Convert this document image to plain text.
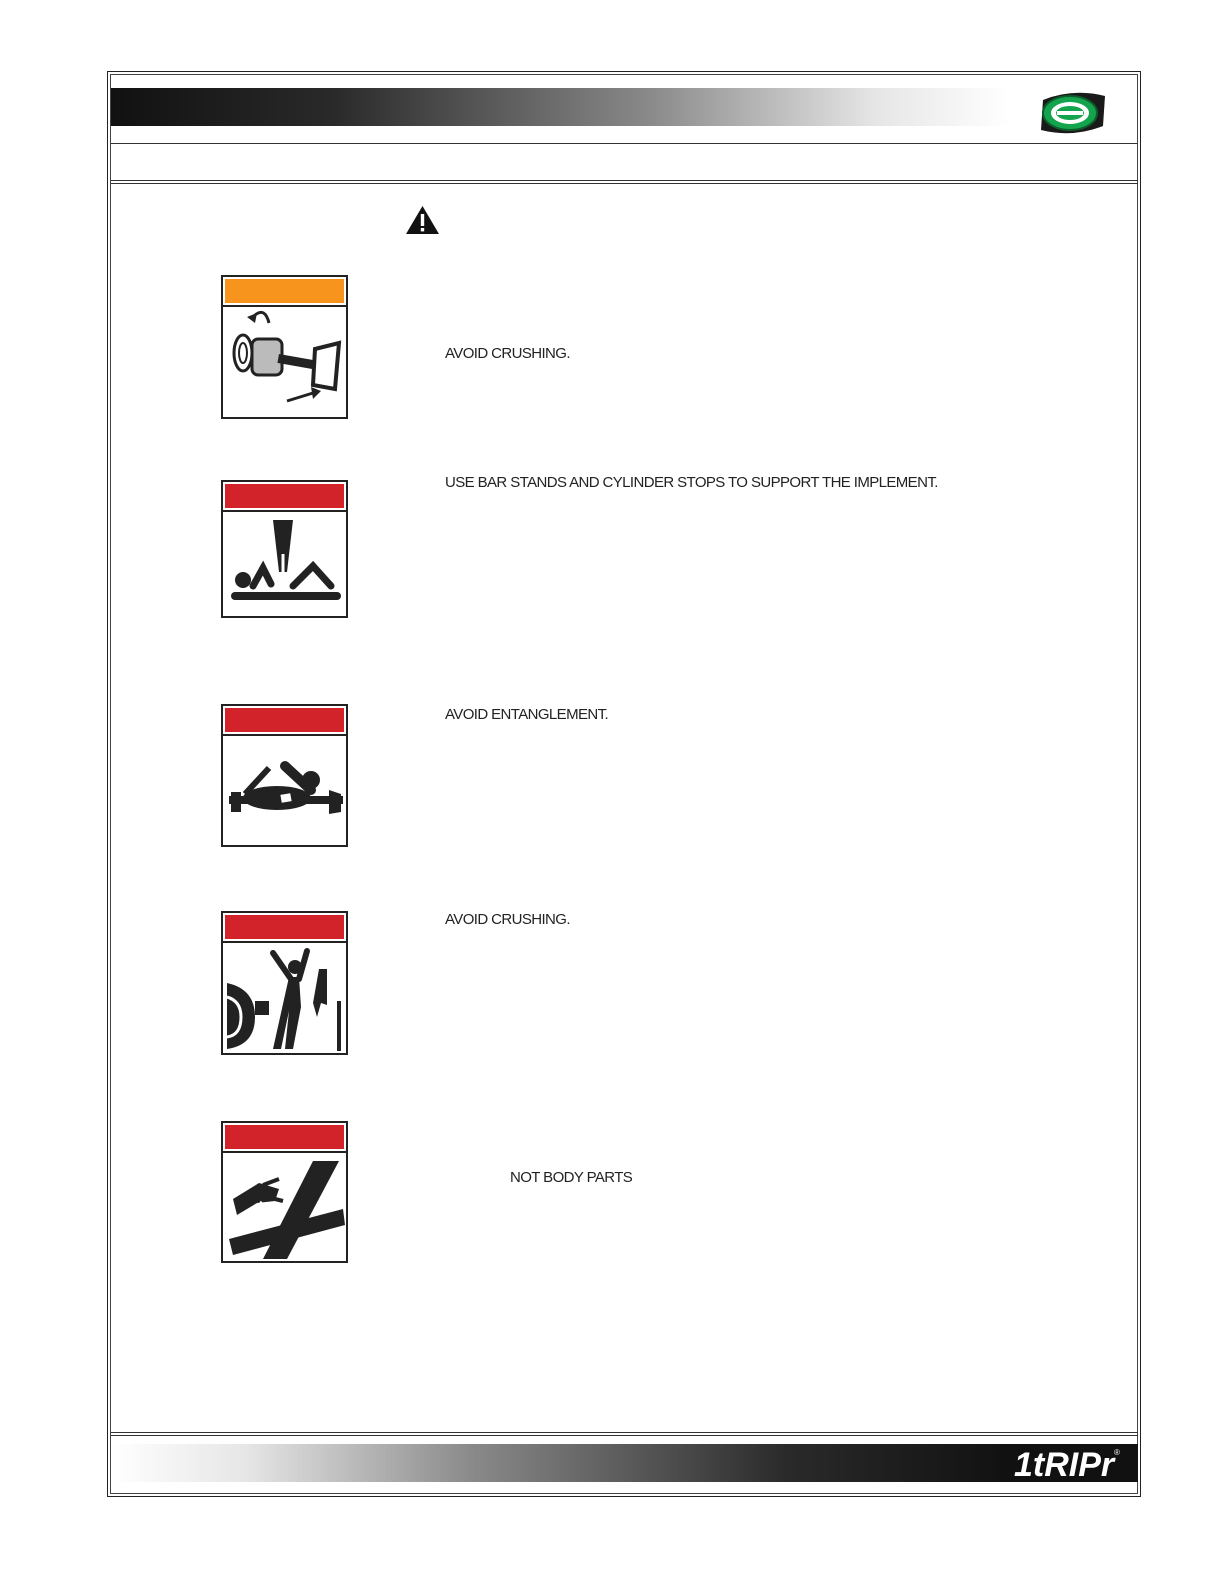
AVOID CRUSHING.
USE BAR STANDS AND CYLINDER STOPS TO SUPPORT THE IMPLEMENT.
AVOID ENTANGLEMENT.
AVOID CRUSHING.
NOT BODY PARTS
1tRIPr ®
